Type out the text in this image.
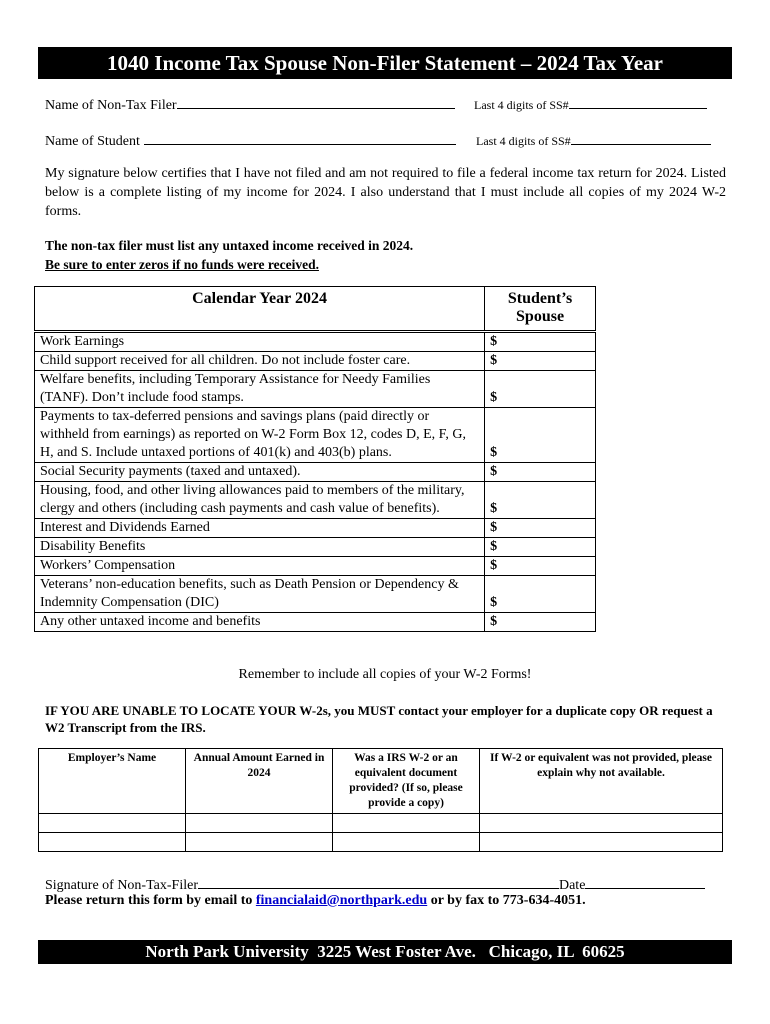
1040 Income Tax Spouse Non-Filer Statement – 2024 Tax Year
Name of Non-Tax Filer	Last 4 digits of SS#
Name of Student	Last 4 digits of SS#
My signature below certifies that I have not filed and am not required to file a federal income tax return for 2024. Listed below is a complete listing of my income for 2024. I also understand that I must include all copies of my 2024 W-2 forms.
The non-tax filer must list any untaxed income received in 2024.
Be sure to enter zeros if no funds were received.
Calendar Year 2024	Student’s Spouse
Work Earnings	$
Child support received for all children. Do not include foster care.	$
Welfare benefits, including Temporary Assistance for Needy Families (TANF). Don’t include food stamps.	$
Payments to tax-deferred pensions and savings plans (paid directly or withheld from earnings) as reported on W-2 Form Box 12, codes D, E, F, G, H, and S. Include untaxed portions of 401(k) and 403(b) plans.	$
Social Security payments (taxed and untaxed).	$
Housing, food, and other living allowances paid to members of the military, clergy and others (including cash payments and cash value of benefits).	$
Interest and Dividends Earned	$
Disability Benefits	$
Workers’ Compensation	$
Veterans’ non-education benefits, such as Death Pension or Dependency & Indemnity Compensation (DIC)	$
Any other untaxed income and benefits	$
Remember to include all copies of your W-2 Forms!
IF YOU ARE UNABLE TO LOCATE YOUR W-2s, you MUST contact your employer for a duplicate copy OR request a W2 Transcript from the IRS.
Employer’s Name	Annual Amount Earned in 2024	Was a IRS W-2 or an equivalent document provided? (If so, please provide a copy)	If W-2 or equivalent was not provided, please explain why not available.

Signature of Non-Tax-Filer	Date
Please return this form by email to financialaid@northpark.edu or by fax to 773-634-4051.
North Park University  3225 West Foster Ave.   Chicago, IL  60625
